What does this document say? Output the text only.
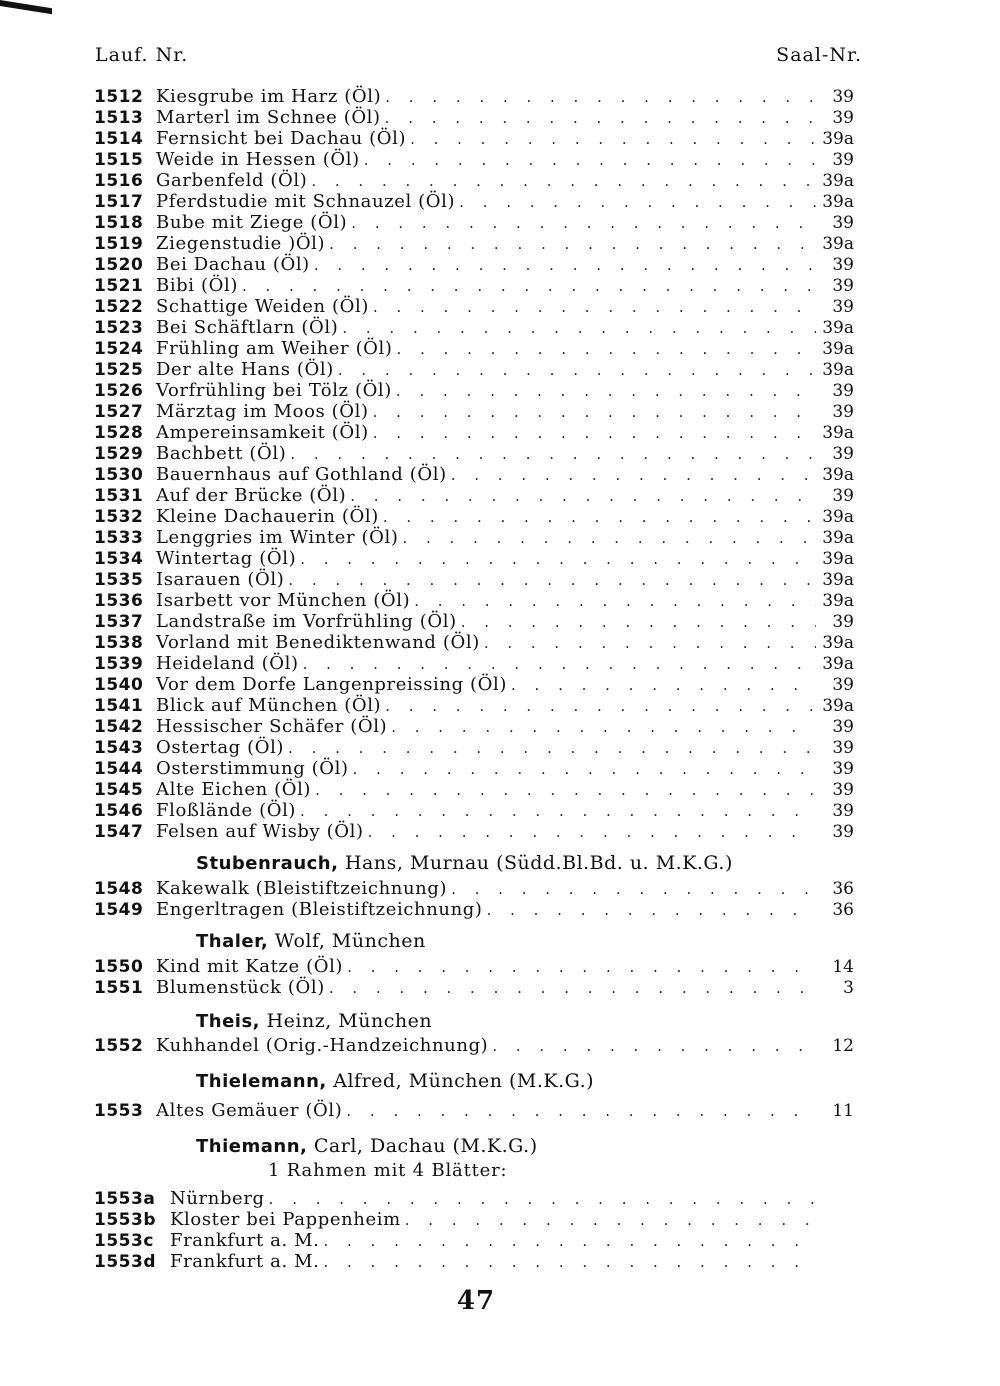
Lauf. Nr.	Saal-Nr.
1512 Kiesgrube im Harz (Öl) . . .	39
1513 Marterl im Schnee (Öl) . . .	39
1514 Fernsicht bei Dachau (Öl) . . .	39a
1515 Weide in Hessen (Öl) . . .	39
1516 Garbenfeld (Öl) . . .	39a
1517 Pferdstudie mit Schnauzel (Öl) . . .	39a
1518 Bube mit Ziege (Öl) . . .	39
1519 Ziegenstudie )Öl) . . .	39a
1520 Bei Dachau (Öl) . . .	39
1521 Bibi (Öl) . . .	39
1522 Schattige Weiden (Öl) . . .	39
1523 Bei Schäftlarn (Öl) . . .	39a
1524 Frühling am Weiher (Öl) . . .	39a
1525 Der alte Hans (Öl) . . .	39a
1526 Vorfrühling bei Tölz (Öl) . . .	39
1527 Märztag im Moos (Öl) . . .	39
1528 Ampereinsamkeit (Öl) . . .	39a
1529 Bachbett (Öl) . . .	39
1530 Bauernhaus auf Gothland (Öl) . . .	39a
1531 Auf der Brücke (Öl) . . .	39
1532 Kleine Dachauerin (Öl) . . .	39a
1533 Lenggries im Winter (Öl) . . .	39a
1534 Wintertag (Öl) . . .	39a
1535 Isarauen (Öl) . . .	39a
1536 Isarbett vor München (Öl) . . .	39a
1537 Landstraße im Vorfrühling (Öl) . . .	39
1538 Vorland mit Benediktenwand (Öl) . . .	39a
1539 Heideland (Öl) . . .	39a
1540 Vor dem Dorfe Langenpreissing (Öl) . . .	39
1541 Blick auf München (Öl) . . .	39a
1542 Hessischer Schäfer (Öl) . . .	39
1543 Ostertag (Öl) . . .	39
1544 Osterstimmung (Öl) . . .	39
1545 Alte Eichen (Öl) . . .	39
1546 Floßlände (Öl) . . .	39
1547 Felsen auf Wisby (Öl) . . .	39
Stubenrauch, Hans, Murnau (Südd.Bl.Bd. u. M.K.G.)
1548 Kakewalk (Bleistiftzeichnung) . . .	36
1549 Engerltragen (Bleistiftzeichnung) . . .	36
Thaler, Wolf, München
1550 Kind mit Katze (Öl) . . .	14
1551 Blumenstück (Öl) . . .	3
Theis, Heinz, München
1552 Kuhhandel (Orig.-Handzeichnung) . . .	12
Thielemann, Alfred, München (M.K.G.)
1553 Altes Gemäuer (Öl) . . .	11
Thiemann, Carl, Dachau (M.K.G.)
1 Rahmen mit 4 Blätter:
1553a Nürnberg
. . .
1553b Kloster bei Pappenheim
. . .
1553c Frankfurt a. M.
. . .
1553d Frankfurt a. M.
. . .
47
